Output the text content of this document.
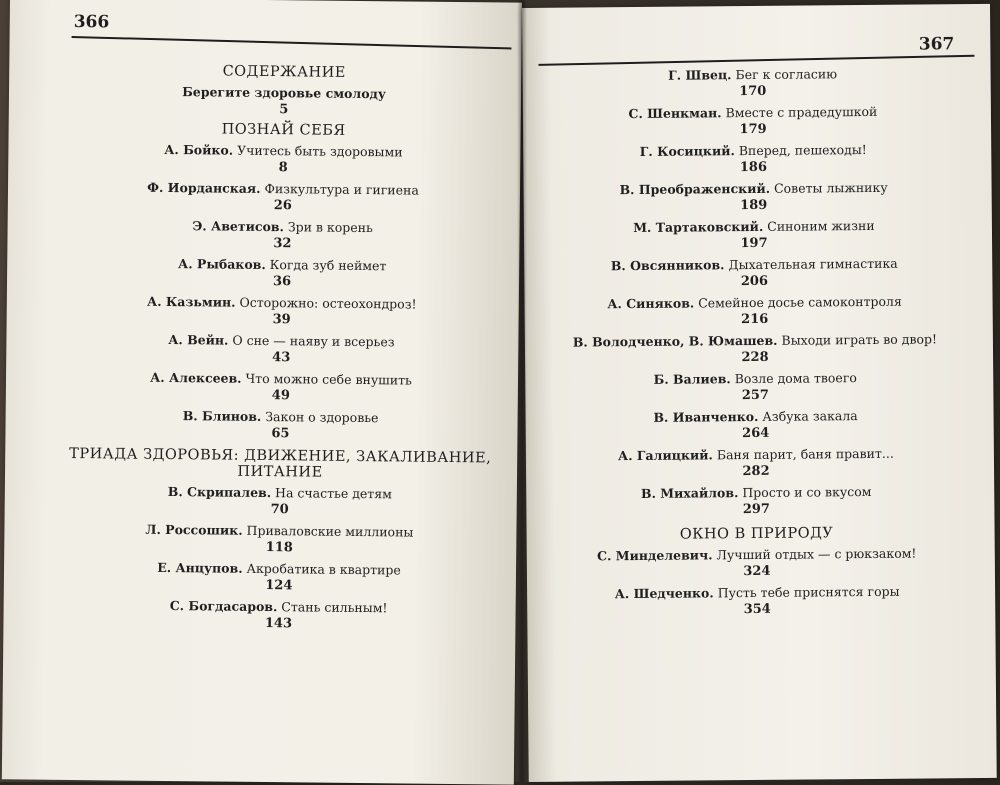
366
СОДЕРЖАНИЕ
Берегите здоровье смолоду
5
ПОЗНАЙ СЕБЯ
А. Бойко. Учитесь быть здоровыми
8
Ф. Иорданская. Физкультура и гигиена
26
Э. Аветисов. Зри в корень
32
А. Рыбаков. Когда зуб неймет
36
А. Казьмин. Осторожно: остеохондроз!
39
А. Вейн. О сне — наяву и всерьез
43
А. Алексеев. Что можно себе внушить
49
В. Блинов. Закон о здоровье
65
ТРИАДА ЗДОРОВЬЯ: ДВИЖЕНИЕ, ЗАКАЛИВАНИЕ,
ПИТАНИЕ
В. Скрипалев. На счастье детям
70
Л. Россошик. Приваловские миллионы
118
Е. Анцупов. Акробатика в квартире
124
С. Богдасаров. Стань сильным!
143
367
Г. Швец. Бег к согласию
170
С. Шенкман. Вместе с прадедушкой
179
Г. Косицкий. Вперед, пешеходы!
186
В. Преображенский. Советы лыжнику
189
М. Тартаковский. Синоним жизни
197
В. Овсянников. Дыхательная гимнастика
206
А. Синяков. Семейное досье самоконтроля
216
В. Володченко, В. Юмашев. Выходи играть во двор!
228
Б. Валиев. Возле дома твоего
257
В. Иванченко. Азбука закала
264
А. Галицкий. Баня парит, баня правит...
282
В. Михайлов. Просто и со вкусом
297
ОКНО В ПРИРОДУ
С. Минделевич. Лучший отдых — с рюкзаком!
324
А. Шедченко. Пусть тебе приснятся горы
354
